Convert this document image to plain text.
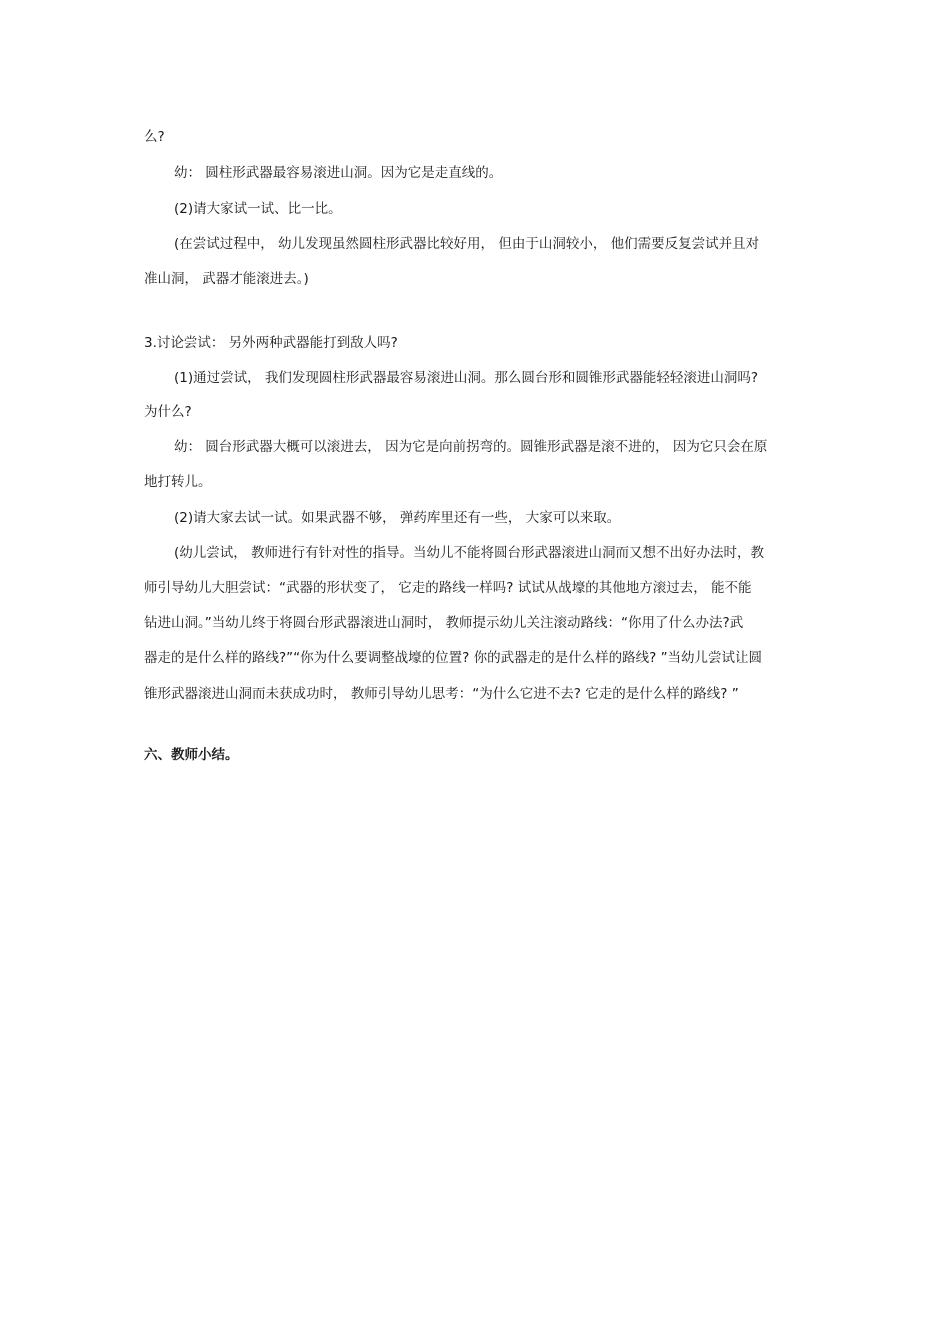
么?
幼： 圆柱形武器最容易滚进山洞。因为它是走直线的。
(2)请大家试一试、比一比。
(在尝试过程中， 幼儿发现虽然圆柱形武器比较好用， 但由于山洞较小， 他们需要反复尝试并且对
准山洞， 武器才能滚进去。)
3.讨论尝试： 另外两种武器能打到敌人吗?
(1)通过尝试， 我们发现圆柱形武器最容易滚进山洞。那么圆台形和圆锥形武器能轻轻滚进山洞吗?
为什么?
幼： 圆台形武器大概可以滚进去， 因为它是向前拐弯的。圆锥形武器是滚不进的， 因为它只会在原
地打转儿。
(2)请大家去试一试。如果武器不够， 弹药库里还有一些， 大家可以来取。
(幼儿尝试， 教师进行有针对性的指导。当幼儿不能将圆台形武器滚进山洞而又想不出好办法时，教
师引导幼儿大胆尝试：“武器的形状变了， 它走的路线一样吗? 试试从战壕的其他地方滚过去， 能不能
钻进山洞。”当幼儿终于将圆台形武器滚进山洞时， 教师提示幼儿关注滚动路线：“你用了什么办法?武
器走的是什么样的路线?”“你为什么要调整战壕的位置? 你的武器走的是什么样的路线? ”当幼儿尝试让圆
锥形武器滚进山洞而未获成功时， 教师引导幼儿思考：“为什么它进不去? 它走的是什么样的路线? ”
六、教师小结。
